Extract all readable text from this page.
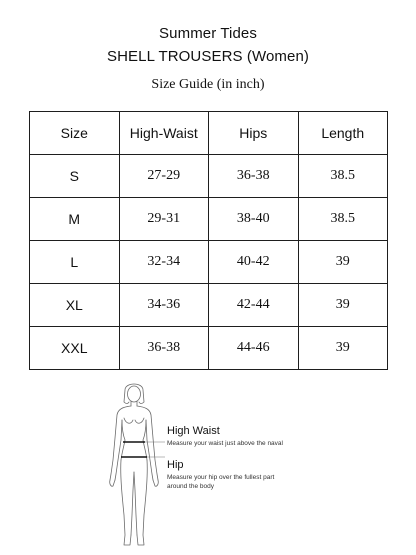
Summer Tides
SHELL TROUSERS (Women)
Size Guide (in inch)
Size	High-Waist	Hips	Length
S	27-29	36-38	38.5
M	29-31	38-40	38.5
L	32-34	40-42	39
XL	34-36	42-44	39
XXL	36-38	44-46	39
High Waist
Measure your waist just above the naval
Hip
Measure your hip over the fullest part
around the body
